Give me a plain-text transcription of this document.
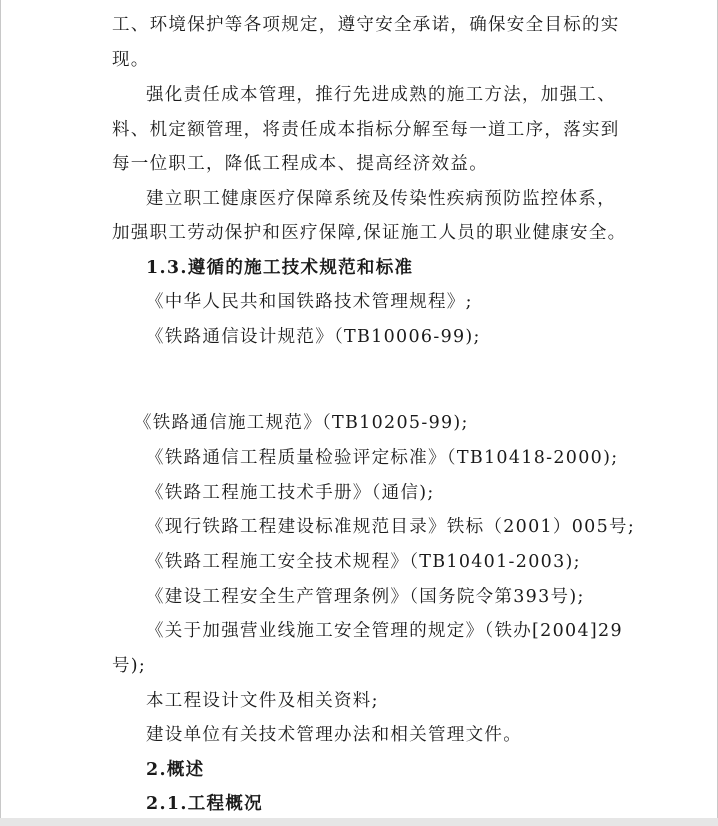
工、环境保护等各项规定，遵守安全承诺，确保安全目标的实
现。
强化责任成本管理，推行先进成熟的施工方法，加强工、
料、机定额管理，将责任成本指标分解至每一道工序，落实到
每一位职工，降低工程成本、提高经济效益。
建立职工健康医疗保障系统及传染性疾病预防监控体系，
加强职工劳动保护和医疗保障,保证施工人员的职业健康安全。
1.3.遵循的施工技术规范和标准
《中华人民共和国铁路技术管理规程》;
《铁路通信设计规范》（TB10006-99);
《铁路通信施工规范》（TB10205-99);
《铁路通信工程质量检验评定标准》（TB10418-2000);
《铁路工程施工技术手册》（通信);
《现行铁路工程建设标准规范目录》铁标（2001）005号;
《铁路工程施工安全技术规程》（TB10401-2003);
《建设工程安全生产管理条例》（国务院令第393号);
《关于加强营业线施工安全管理的规定》（铁办[2004]29
号);
本工程设计文件及相关资料;
建设单位有关技术管理办法和相关管理文件。
2.概述
2.1.工程概况
